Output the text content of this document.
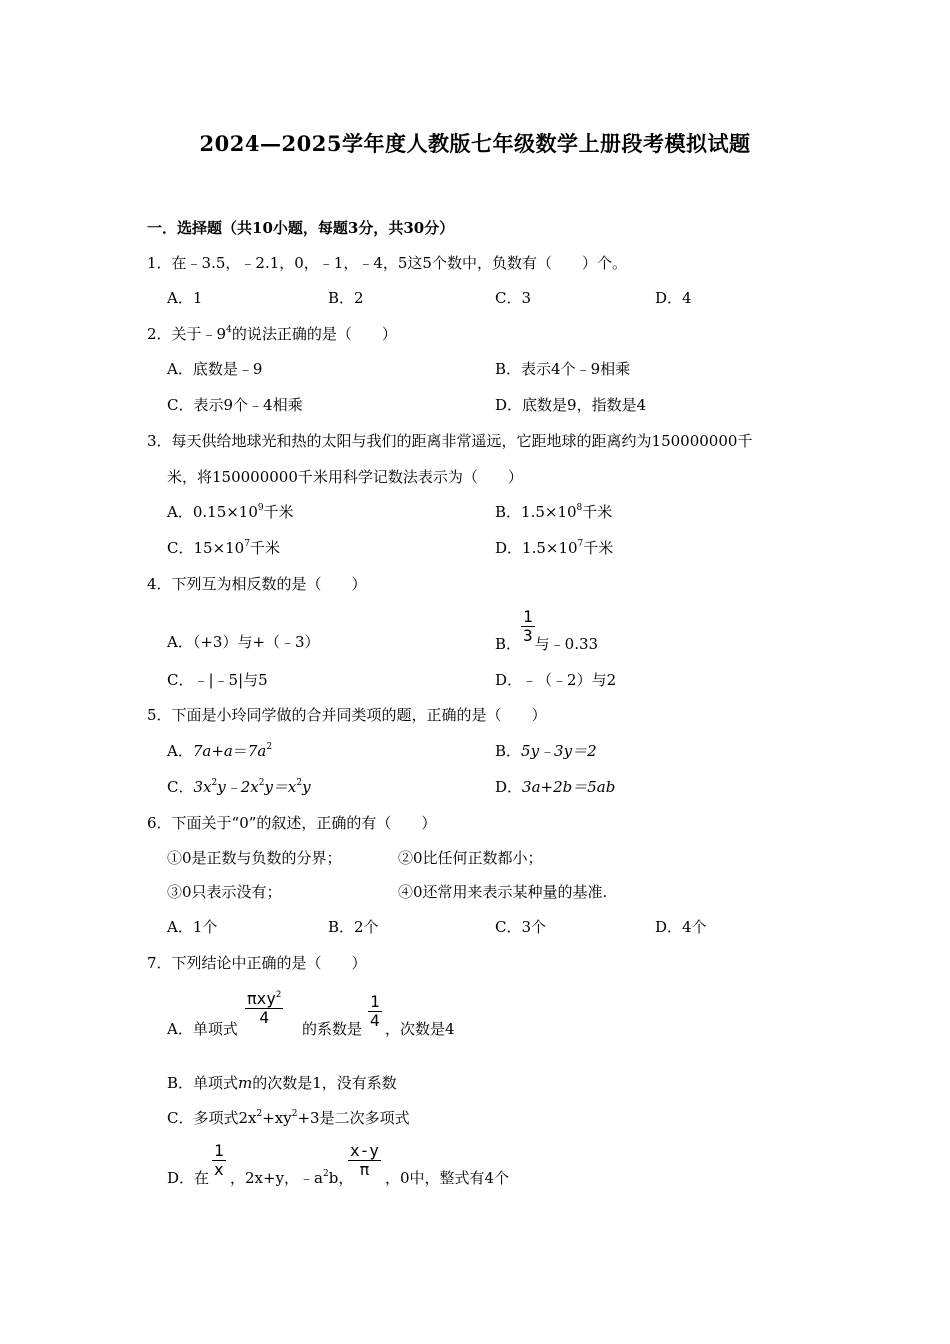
2024—2025学年度人教版七年级数学上册段考模拟试题
一．选择题（共10小题，每题3分，共30分）
1．在﹣3.5，﹣2.1，0，﹣1，﹣4，5这5个数中，负数有（　　）个。
A．1	B．2	C．3	D．4
2．关于$﹣9^4$的说法正确的是（　　）
A．底数是﹣9	B．表示4个﹣9相乘
C．表示9个﹣4相乘	D．底数是9，指数是4
3．每天供给地球光和热的太阳与我们的距离非常遥远，它距地球的距离约为150000000千
米，将150000000千米用科学记数法表示为（　　）
A．$0.15\times 10^9$千米	B．$1.5\times 10^8$千米
C．$15\times 10^7$千米	D．$1.5\times 10^7$千米
4．下列互为相反数的是（　　）
A．（+3）与+（﹣3）	B． $\frac{1}{3}$ 与﹣0.33
C．﹣|﹣5|与5	D．﹣（﹣2）与2
5．下面是小玲同学做的合并同类项的题，正确的是（　　）
A．$7a+a=7a^2$	B．5y﹣3y＝2
C．$3x^2y﹣2x^2y=x^2y$	D．3a+2b＝5ab
6．下面关于“0”的叙述，正确的有（　　）
①0是正数与负数的分界；	②0比任何正数都小；
③0只表示没有；	④0还常用来表示某种量的基准.
A．1个	B．2个	C．3个	D．4个
7．下列结论中正确的是（　　）
A．单项式
πxy$^2$
4
的系数是 $\frac{1}{4}$ ，次数是4
B．单项式m的次数是1，没有系数
C．多项式$2x^2+xy^2+3$是二次多项式
D．在 $\frac{1}{x}$ ，2x+y，$﹣a^2b$，
$\frac{x-y}{\pi}$ ，0中，整式有4个
